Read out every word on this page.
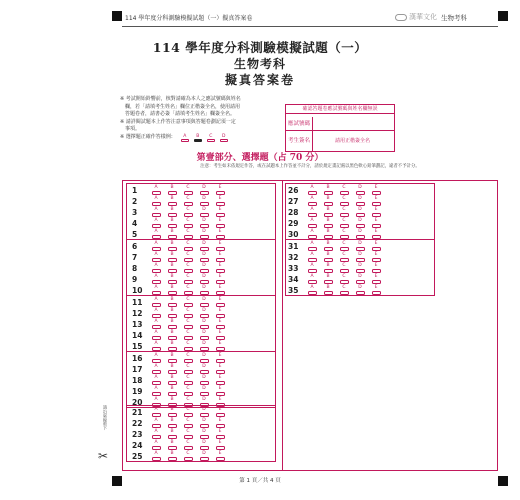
114 學年度分科測驗模擬試題（一）擬真答案卷	漢華文化 生物考科
114 學年度分科測驗模擬試題（一）
生物考科
擬真答案卷
※ 考試開始鈴響前，核對請確為本人之應試號碼與姓名
　欄，若「請填考生姓名」欄位正楷簽全名，使用請用
　答題卷者，請書必簽「請填考生姓名」欄簽全名。
※ 請詳閱試題本上作答注意事項與答題卷劃記須一定
　事項。
※ 選擇題正確作答樣例： A B C D
確認答題卷應試號碼與姓名欄無誤
應試號碼
考生簽名	請用正楷簽全名
第壹部分、選擇題（占 70 分）
注意：考生如未依規定作答，或在試題本上作答並不計分，請於規定畫記處以黑色軟心鉛筆劃記，違者不予計分。
1	A	B	C	D	E
2	A	B	C	D	E
3	A	B	C	D	E
4	A	B	C	D	E
5	A	B	C	D	E
6	A	B	C	D	E
7	A	B	C	D	E
8	A	B	C	D	E
9	A	B	C	D	E
10	A	B	C	D	E
11	A	B	C	D	E
12	A	B	C	D	E
13	A	B	C	D	E
14	A	B	C	D	E
15	A	B	C	D	E
16	A	B	C	D	E
17	A	B	C	D	E
18	A	B	C	D	E
19	A	B	C	D	E
20	A	B	C	D	E
21	A	B	C	D	E
22	A	B	C	D	E
23	A	B	C	D	E
24	A	B	C	D	E
25	A	B	C	D	E
26	A	B	C	D	E
27	A	B	C	D	E
28	A	B	C	D	E
29	A	B	C	D	E
30	A	B	C	D	E
31	A	B	C	D	E
32	A	B	C	D	E
33	A	B	C	D	E
34	A	B	C	D	E
35	A	B	C	D	E
第 1 頁／共 4 頁
請沿虛線剪下
✂
